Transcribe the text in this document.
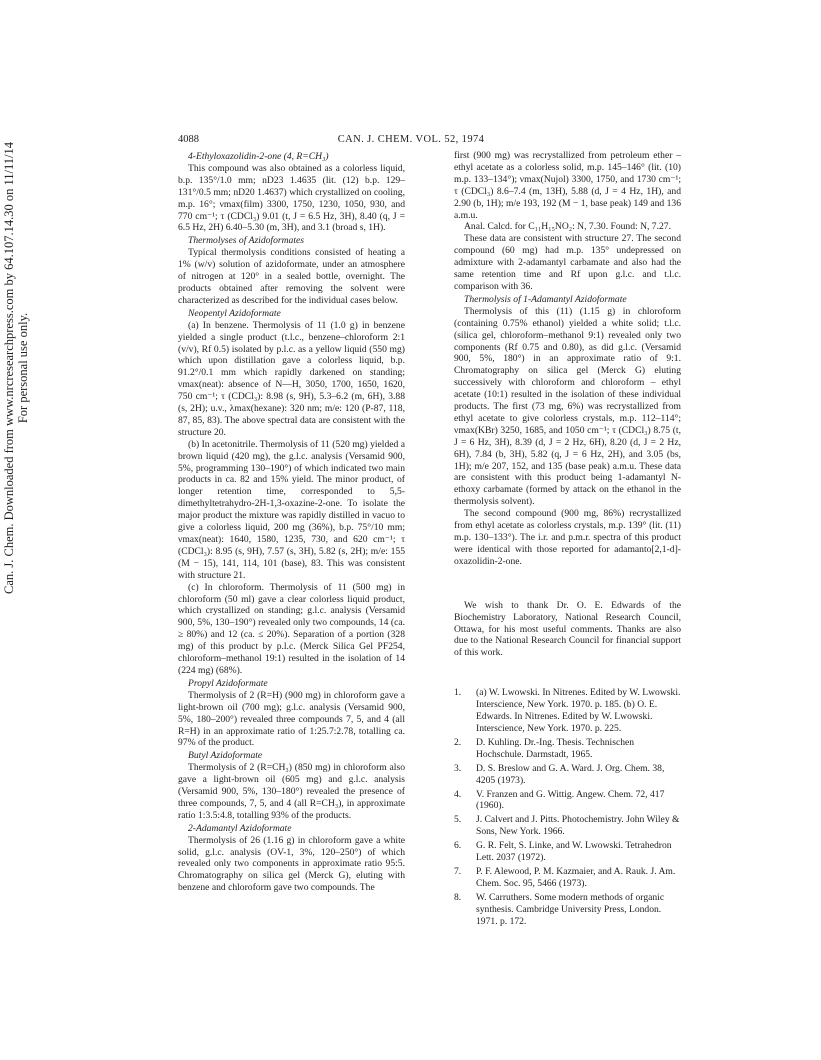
Can. J. Chem. Downloaded from www.nrcresearchpress.com by 64.107.14.30 on 11/11/14 For personal use only.
4088	CAN. J. CHEM. VOL. 52, 1974
4-Ethyloxazolidin-2-one (4, R=CH₃)

This compound was also obtained as a colorless liquid, b.p. 135°/1.0 mm; nD23 1.4635 (lit. (12) b.p. 129–131°/0.5 mm; nD20 1.4637) which crystallized on cooling, m.p. 16°; νmax(film) 3300, 1750, 1230, 1050, 930, and 770 cm⁻¹; τ (CDCl₃) 9.01 (t, J = 6.5 Hz, 3H), 8.40 (q, J = 6.5 Hz, 2H) 6.40–5.30 (m, 3H), and 3.1 (broad s, 1H).

Thermolyses of Azidoformates

Typical thermolysis conditions consisted of heating a 1% (w/v) solution of azidoformate, under an atmosphere of nitrogen at 120° in a sealed bottle, overnight. The products obtained after removing the solvent were characterized as described for the individual cases below.

Neopentyl Azidoformate

(a) In benzene. Thermolysis of 11 (1.0 g) in benzene yielded a single product (t.l.c., benzene–chloroform 2:1 (v/v), Rf 0.5) isolated by p.l.c. as a yellow liquid (550 mg) which upon distillation gave a colorless liquid, b.p. 91.2°/0.1 mm which rapidly darkened on standing; νmax(neat): absence of N—H, 3050, 1700, 1650, 1620, 750 cm⁻¹; τ (CDCl₃): 8.98 (s, 9H), 5.3–6.2 (m, 6H), 3.88 (s, 2H); u.v., λmax(hexane): 320 nm; m/e: 120 (P-87, 118, 87, 85, 83). The above spectral data are consistent with the structure 20.

(b) In acetonitrile. Thermolysis of 11 (520 mg) yielded a brown liquid (420 mg), the g.l.c. analysis (Versamid 900, 5%, programming 130–190°) of which indicated two main products in ca. 82 and 15% yield. The minor product, of longer retention time, corresponded to 5,5-dimethyltetrahydro-2H-1,3-oxazine-2-one. To isolate the major product the mixture was rapidly distilled in vacuo to give a colorless liquid, 200 mg (36%), b.p. 75°/10 mm; νmax(neat): 1640, 1580, 1235, 730, and 620 cm⁻¹; τ (CDCl₃): 8.95 (s, 9H), 7.57 (s, 3H), 5.82 (s, 2H); m/e: 155 (M − 15), 141, 114, 101 (base), 83. This was consistent with structure 21.

(c) In chloroform. Thermolysis of 11 (500 mg) in chloroform (50 ml) gave a clear colorless liquid product, which crystallized on standing; g.l.c. analysis (Versamid 900, 5%, 130–190°) revealed only two compounds, 14 (ca. ≥ 80%) and 12 (ca. ≤ 20%). Separation of a portion (328 mg) of this product by p.l.c. (Merck Silica Gel PF254, chloroform–methanol 19:1) resulted in the isolation of 14 (224 mg) (68%).

Propyl Azidoformate

Thermolysis of 2 (R=H) (900 mg) in chloroform gave a light-brown oil (700 mg); g.l.c. analysis (Versamid 900, 5%, 180–200°) revealed three compounds 7, 5, and 4 (all R=H) in an approximate ratio of 1:25.7:2.78, totalling ca. 97% of the product.

Butyl Azidoformate

Thermolysis of 2 (R=CH₃) (850 mg) in chloroform also gave a light-brown oil (605 mg) and g.l.c. analysis (Versamid 900, 5%, 130–180°) revealed the presence of three compounds, 7, 5, and 4 (all R=CH₃), in approximate ratio 1:3.5:4.8, totalling 93% of the products.

2-Adamantyl Azidoformate

Thermolysis of 26 (1.16 g) in chloroform gave a white solid, g.l.c. analysis (OV-1, 3%, 120–250°) of which revealed only two components in approximate ratio 95:5. Chromatography on silica gel (Merck G), eluting with benzene and chloroform gave two compounds. The

first (900 mg) was recrystallized from petroleum ether – ethyl acetate as a colorless solid, m.p. 145–146° (lit. (10) m.p. 133–134°); νmax(Nujol) 3300, 1750, and 1730 cm⁻¹; τ (CDCl₃) 8.6–7.4 (m, 13H), 5.88 (d, J = 4 Hz, 1H), and 2.90 (b, 1H); m/e 193, 192 (M − 1, base peak) 149 and 136 a.m.u.

Anal. Calcd. for C₁₁H₁₅NO₂: N, 7.30. Found: N, 7.27.

These data are consistent with structure 27. The second compound (60 mg) had m.p. 135° undepressed on admixture with 2-adamantyl carbamate and also had the same retention time and Rf upon g.l.c. and t.l.c. comparison with 36.

Thermolysis of 1-Adamantyl Azidoformate

Thermolysis of this (11) (1.15 g) in chloroform (containing 0.75% ethanol) yielded a white solid; t.l.c. (silica gel, chloroform–methanol 9:1) revealed only two components (Rf 0.75 and 0.80), as did g.l.c. (Versamid 900, 5%, 180°) in an approximate ratio of 9:1. Chromatography on silica gel (Merck G) eluting successively with chloroform and chloroform – ethyl acetate (10:1) resulted in the isolation of these individual products. The first (73 mg, 6%) was recrystallized from ethyl acetate to give colorless crystals, m.p. 112–114°; νmax(KBr) 3250, 1685, and 1050 cm⁻¹; τ (CDCl₃) 8.75 (t, J = 6 Hz, 3H), 8.39 (d, J = 2 Hz, 6H), 8.20 (d, J = 2 Hz, 6H), 7.84 (b, 3H), 5.82 (q, J = 6 Hz, 2H), and 3.05 (bs, 1H); m/e 207, 152, and 135 (base peak) a.m.u. These data are consistent with this product being 1-adamantyl N-ethoxy carbamate (formed by attack on the ethanol in the thermolysis solvent).

The second compound (900 mg, 86%) recrystallized from ethyl acetate as colorless crystals, m.p. 139° (lit. (11) m.p. 130–133°). The i.r. and p.m.r. spectra of this product were identical with those reported for adamanto[2,1-d]-oxazolidin-2-one.

We wish to thank Dr. O. E. Edwards of the Biochemistry Laboratory, National Research Council, Ottawa, for his most useful comments. Thanks are also due to the National Research Council for financial support of this work.

1. (a) W. Lwowski. In Nitrenes. Edited by W. Lwowski. Interscience, New York. 1970. p. 185. (b) O. E. Edwards. In Nitrenes. Edited by W. Lwowski. Interscience, New York. 1970. p. 225.
2. D. Kuhling. Dr.-Ing. Thesis. Technischen Hochschule. Darmstadt, 1965.
3. D. S. Breslow and G. A. Ward. J. Org. Chem. 38, 4205 (1973).
4. V. Franzen and G. Wittig. Angew. Chem. 72, 417 (1960).
5. J. Calvert and J. Pitts. Photochemistry. John Wiley & Sons, New York. 1966.
6. G. R. Felt, S. Linke, and W. Lwowski. Tetrahedron Lett. 2037 (1972).
7. P. F. Alewood, P. M. Kazmaier, and A. Rauk. J. Am. Chem. Soc. 95, 5466 (1973).
8. W. Carruthers. Some modern methods of organic synthesis. Cambridge University Press, London. 1971. p. 172.
